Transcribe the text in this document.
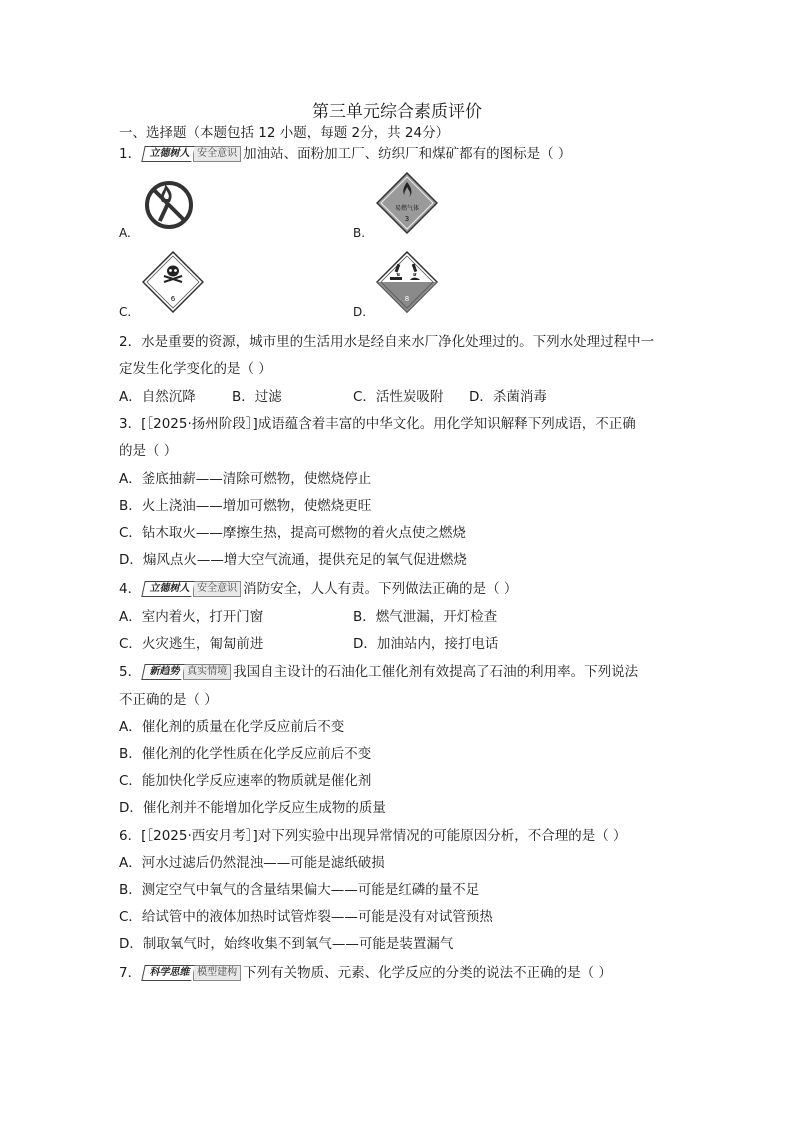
第三单元综合素质评价
一、选择题（本题包括 12 小题，每题 2分，共 24分）
1． 立德树人 安全意识 加油站、面粉加工厂、纺织厂和煤矿都有的图标是（ ）
A.	B.
易燃气体
3
C.
6
D.
8
2．水是重要的资源，城市里的生活用水是经自来水厂净化处理过的。下列水处理过程中一
定发生化学变化的是（ ）
A．自然沉降	B．过滤	C．活性炭吸附 D．杀菌消毒
3．[［2025·扬州阶段］]成语蕴含着丰富的中华文化。用化学知识解释下列成语，不正确
的是（ ）
A．釜底抽薪——清除可燃物，使燃烧停止
B．火上浇油——增加可燃物，使燃烧更旺
C．钻木取火——摩擦生热，提高可燃物的着火点使之燃烧
D．煽风点火——增大空气流通，提供充足的氧气促进燃烧
4． 立德树人 安全意识 消防安全，人人有责。下列做法正确的是（ ）
A．室内着火，打开门窗	B．燃气泄漏，开灯检查
C．火灾逃生，匍匐前进	D．加油站内，接打电话
5． 新趋势 真实情境 我国自主设计的石油化工催化剂有效提高了石油的利用率。下列说法
不正确的是（ ）
A．催化剂的质量在化学反应前后不变
B．催化剂的化学性质在化学反应前后不变
C．能加快化学反应速率的物质就是催化剂
D．催化剂并不能增加化学反应生成物的质量
6．[［2025·西安月考］]对下列实验中出现异常情况的可能原因分析，不合理的是（ ）
A．河水过滤后仍然混浊——可能是滤纸破损
B．测定空气中氧气的含量结果偏大——可能是红磷的量不足
C．给试管中的液体加热时试管炸裂——可能是没有对试管预热
D．制取氧气时，始终收集不到氧气——可能是装置漏气
7． 科学思维 模型建构 下列有关物质、元素、化学反应的分类的说法不正确的是（ ）
